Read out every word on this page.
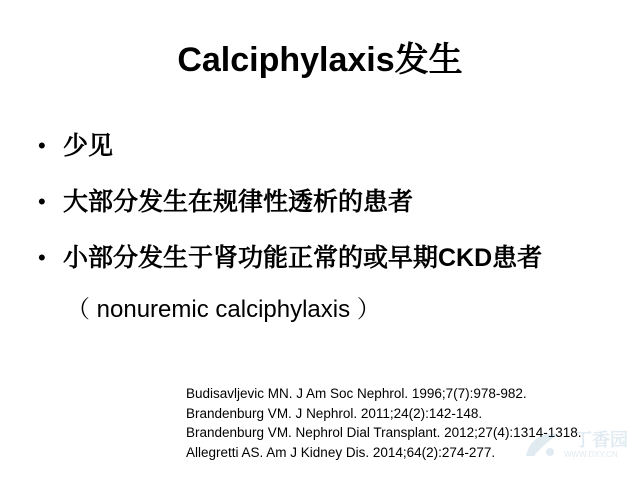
Calciphylaxis发生
• 少见
• 大部分发生在规律性透析的患者
• 小部分发生于肾功能正常的或早期CKD患者
（ nonuremic calciphylaxis ）
Budisavljevic MN. J Am Soc Nephrol. 1996;7(7):978-982.
Brandenburg VM. J Nephrol. 2011;24(2):142-148.
Brandenburg VM. Nephrol Dial Transplant. 2012;27(4):1314-1318.
Allegretti AS. Am J Kidney Dis. 2014;64(2):274-277.
丁香园
WWW.DXY.CN
